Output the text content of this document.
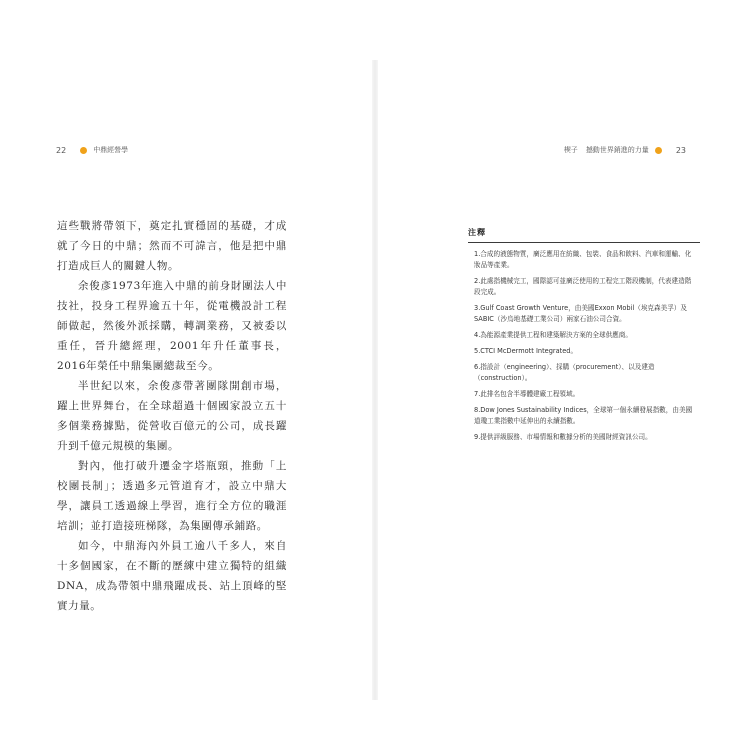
22	中鼎經營學

這些戰將帶領下，奠定扎實穩固的基礎，才成就了今日的中鼎；然而不可諱言，他是把中鼎打造成巨人的關鍵人物。

余俊彥1973年進入中鼎的前身財團法人中技社，投身工程界逾五十年，從電機設計工程師做起，然後外派採購，轉調業務，又被委以重任，晉升總經理，2001年升任董事長，2016年榮任中鼎集團總裁至今。

半世紀以來，余俊彥帶著團隊開創市場，躍上世界舞台，在全球超過十個國家設立五十多個業務據點，從營收百億元的公司，成長躍升到千億元規模的集團。

對內，他打破升遷金字塔瓶頸，推動「上校團長制」；透過多元管道育才，設立中鼎大學，讓員工透過線上學習，進行全方位的職涯培訓；並打造接班梯隊，為集團傳承鋪路。

如今，中鼎海內外員工逾八千多人，來自十多個國家，在不斷的歷練中建立獨特的組織DNA，成為帶領中鼎飛躍成長、站上頂峰的堅實力量。

楔子 撼動世界銷進的力量	23
注釋
1.合成的液態物質，廣泛應用在紡織、包裝、食品和飲料、汽車和運輸、化妝品等產業。
2.此處指機械完工，國際認可並廣泛使用的工程完工階段機制，代表建造階段完成。
3.Gulf Coast Growth Venture，由美國Exxon Mobil（埃克森美孚）及SABIC（沙烏地基礎工業公司）兩家石油公司合資。
4.為能源產業提供工程和建築解決方案的全球供應商。
5.CTCI McDermott Integrated。
6.指設計（engineering）、採購（procurement）、以及建造（construction）。
7.此排名包含半導體建廠工程領域。
8.Dow Jones Sustainability Indices，全球第一個永續發展指數，由美國道瓊工業指數中延伸出的永續指數。
9.提供評級服務、市場情報和數據分析的美國財經資訊公司。
